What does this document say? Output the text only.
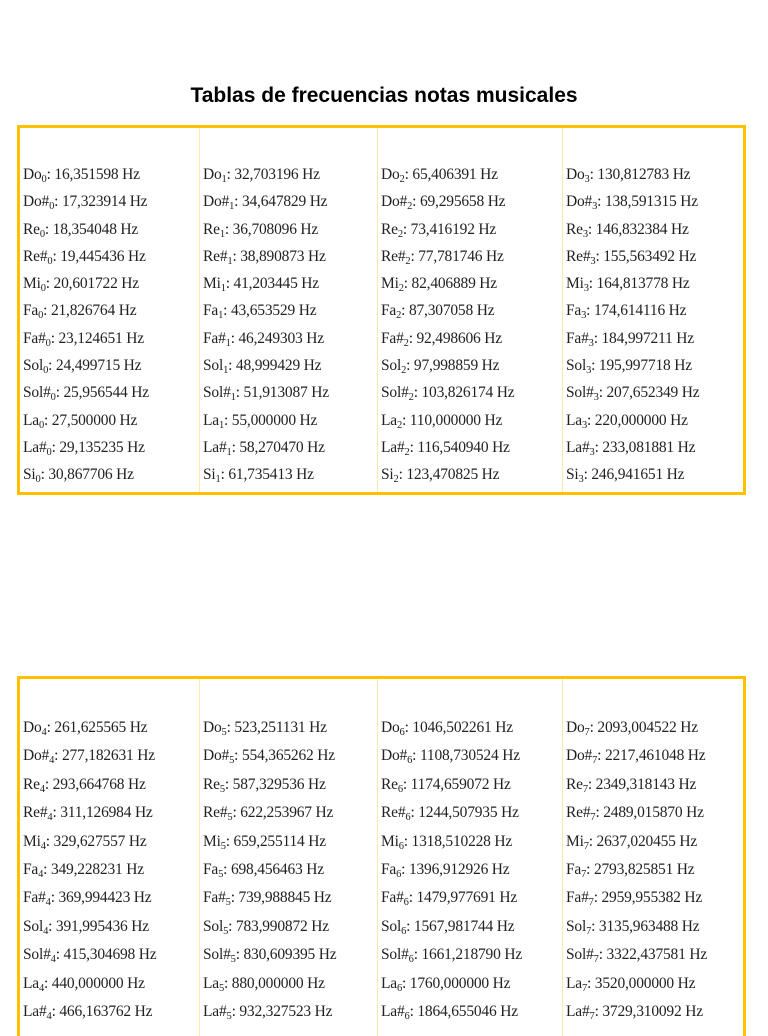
Tablas de frecuencias notas musicales
$Do_0$: 16,351598 Hz
$Do\#_0$: 17,323914 Hz
$Re_0$: 18,354048 Hz
$Re\#_0$: 19,445436 Hz
$Mi_0$: 20,601722 Hz
$Fa_0$: 21,826764 Hz
$Fa\#_0$: 23,124651 Hz
Sol$_0$: 24,499715 Hz
$Sol\#_0$: 25,956544 Hz
$La_0$: 27,500000 Hz
$La\#_0$: 29,135235 Hz
$Si_0$: 30,867706 Hz
$Do_1$: 32,703196 Hz
$Do\#_1$: 34,647829 Hz
$Re_1$: 36,708096 Hz
$Re\#_1$: 38,890873 Hz
$Mi_1$: 41,203445 Hz
$Fa_1$: 43,653529 Hz
$Fa\#_1$: 46,249303 Hz
Sol$_1$: 48,999429 Hz
$Sol\#_1$: 51,913087 Hz
$La_1$: 55,000000 Hz
$La\#_1$: 58,270470 Hz
$Si_1$: 61,735413 Hz
$Do_2$: 65,406391 Hz
$Do\#_2$: 69,295658 Hz
$Re_2$: 73,416192 Hz
$Re\#_2$: 77,781746 Hz
$Mi_2$: 82,406889 Hz
$Fa_2$: 87,307058 Hz
$Fa\#_2$: 92,498606 Hz
Sol$_2$: 97,998859 Hz
$Sol\#_2$: 103,826174 Hz
$La_2$: 110,000000 Hz
$La\#_2$: 116,540940 Hz
$Si_2$: 123,470825 Hz
$Do_3$: 130,812783 Hz
$Do\#_3$: 138,591315 Hz
$Re_3$: 146,832384 Hz
$Re\#_3$: 155,563492 Hz
$Mi_3$: 164,813778 Hz
$Fa_3$: 174,614116 Hz
$Fa\#_3$: 184,997211 Hz
Sol$_3$: 195,997718 Hz
$Sol\#_3$: 207,652349 Hz
$La_3$: 220,000000 Hz
$La\#_3$: 233,081881 Hz
$Si_3$: 246,941651 Hz
$Do_4$: 261,625565 Hz
$Do\#_4$: 277,182631 Hz
$Re_4$: 293,664768 Hz
$Re\#_4$: 311,126984 Hz
$Mi_4$: 329,627557 Hz
$Fa_4$: 349,228231 Hz
$Fa\#_4$: 369,994423 Hz
Sol$_4$: 391,995436 Hz
$Sol\#_4$: 415,304698 Hz
$La_4$: 440,000000 Hz
$La\#_4$: 466,163762 Hz
$Do_5$: 523,251131 Hz
$Do\#_5$: 554,365262 Hz
$Re_5$: 587,329536 Hz
$Re\#_5$: 622,253967 Hz
$Mi_5$: 659,255114 Hz
$Fa_5$: 698,456463 Hz
$Fa\#_5$: 739,988845 Hz
Sol$_5$: 783,990872 Hz
$Sol\#_5$: 830,609395 Hz
$La_5$: 880,000000 Hz
$La\#_5$: 932,327523 Hz
$Do_6$: 1046,502261 Hz
$Do\#_6$: 1108,730524 Hz
$Re_6$: 1174,659072 Hz
$Re\#_6$: 1244,507935 Hz
$Mi_6$: 1318,510228 Hz
$Fa_6$: 1396,912926 Hz
$Fa\#_6$: 1479,977691 Hz
Sol$_6$: 1567,981744 Hz
$Sol\#_6$: 1661,218790 Hz
$La_6$: 1760,000000 Hz
$La\#_6$: 1864,655046 Hz
$Do_7$: 2093,004522 Hz
$Do\#_7$: 2217,461048 Hz
$Re_7$: 2349,318143 Hz
$Re\#_7$: 2489,015870 Hz
$Mi_7$: 2637,020455 Hz
$Fa_7$: 2793,825851 Hz
$Fa\#_7$: 2959,955382 Hz
Sol$_7$: 3135,963488 Hz
$Sol\#_7$: 3322,437581 Hz
$La_7$: 3520,000000 Hz
$La\#_7$: 3729,310092 Hz
